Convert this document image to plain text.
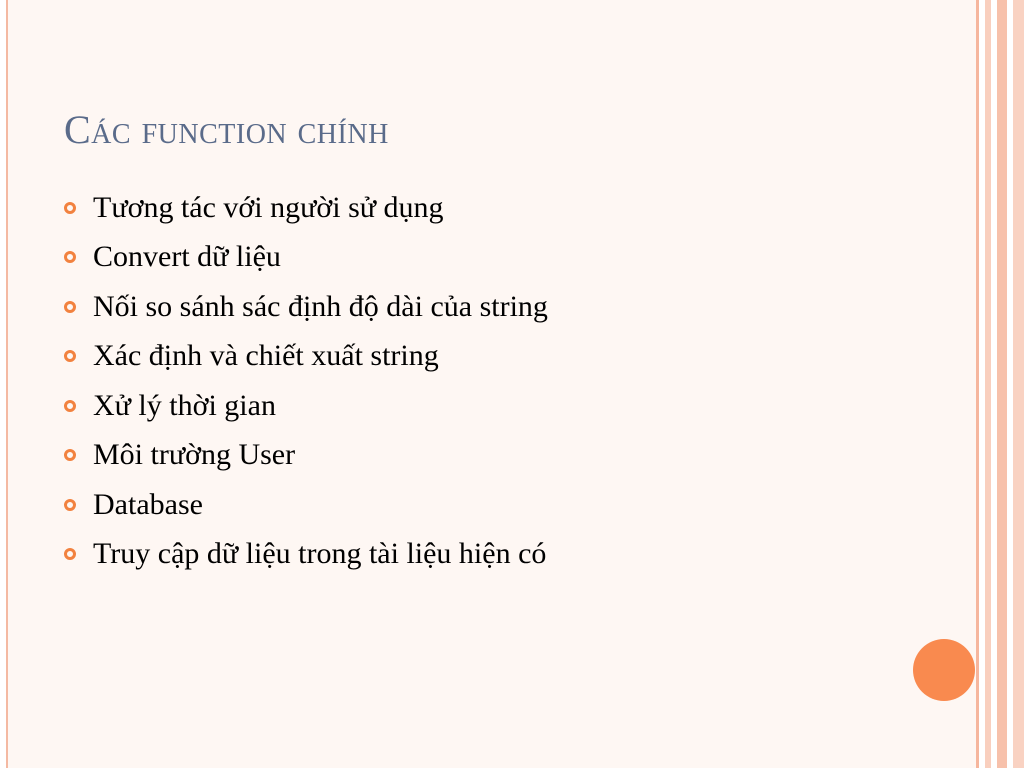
Các function chính
Tương tác với người sử dụng
Convert dữ liệu
Nối so sánh sác định độ dài của string
Xác định và chiết xuất string
Xử lý thời gian
Môi trường User
Database
Truy cập dữ liệu trong tài liệu hiện có
